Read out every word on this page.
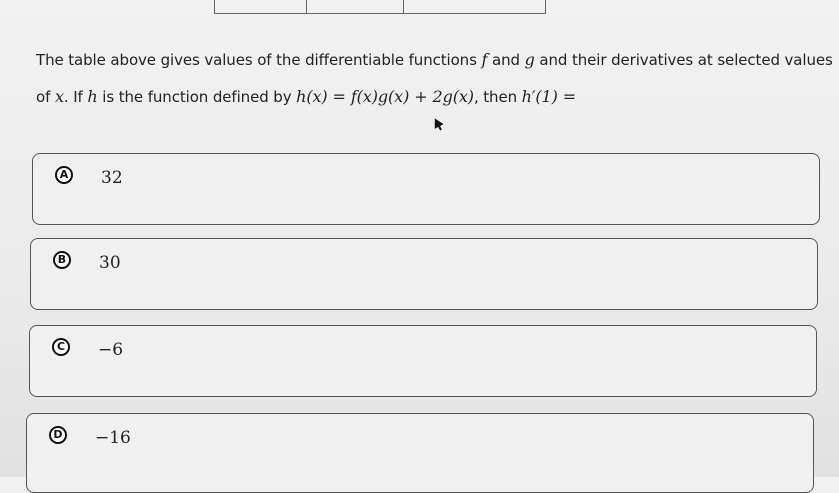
The table above gives values of the differentiable functions f and g and their derivatives at selected values
of x. If h is the function defined by h(x) = f(x)g(x) + 2g(x), then h′(1) =
A 32
B 30
C −6
D −16
